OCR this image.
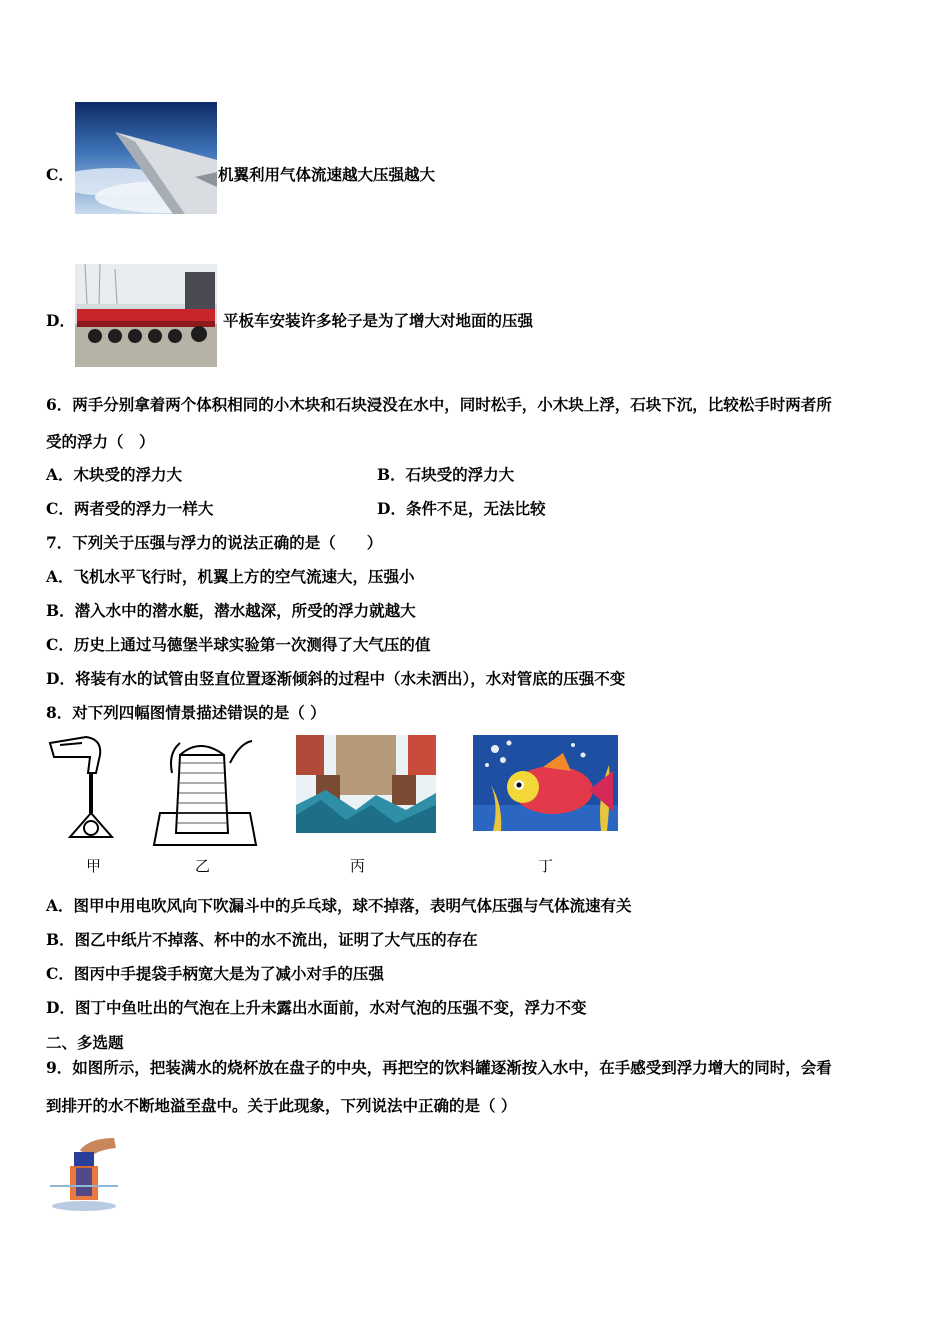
C．	机翼利用气体流速越大压强越大
D．	平板车安装许多轮子是为了增大对地面的压强
6．两手分别拿着两个体积相同的小木块和石块浸没在水中，同时松手，小木块上浮，石块下沉，比较松手时两者所
受的浮力（　）
A．木块受的浮力大	B．石块受的浮力大
C．两者受的浮力一样大	D．条件不足，无法比较
7．下列关于压强与浮力的说法正确的是（　　）
A．飞机水平飞行时，机翼上方的空气流速大，压强小
B．潜入水中的潜水艇，潜水越深，所受的浮力就越大
C．历史上通过马德堡半球实验第一次测得了大气压的值
D．将装有水的试管由竖直位置逐渐倾斜的过程中（水未洒出），水对管底的压强不变
8．对下列四幅图情景描述错误的是（ ）
甲	乙	丙	丁
A．图甲中用电吹风向下吹漏斗中的乒乓球，球不掉落，表明气体压强与气体流速有关
B．图乙中纸片不掉落、杯中的水不流出，证明了大气压的存在
C．图丙中手提袋手柄宽大是为了减小对手的压强
D．图丁中鱼吐出的气泡在上升未露出水面前，水对气泡的压强不变，浮力不变
二、多选题
9．如图所示，把装满水的烧杯放在盘子的中央，再把空的饮料罐逐渐按入水中，在手感受到浮力增大的同时，会看
到排开的水不断地溢至盘中。关于此现象，下列说法中正确的是（ ）
